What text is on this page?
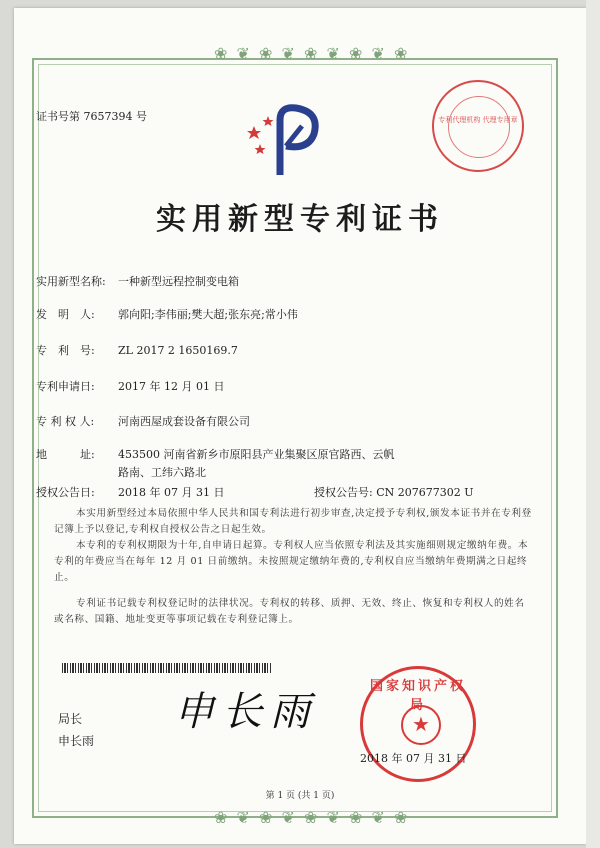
❀ ❦ ❀ ❦ ❀ ❦ ❀ ❦ ❀
❀ ❦ ❀ ❦ ❀ ❦ ❀ ❦ ❀
证书号第 7657394 号	专利代理机构 代理专用章
实用新型专利证书
实用新型名称: 一种新型远程控制变电箱
发　明　人: 郭向阳;李伟丽;樊大超;张东亮;常小伟
专　利　号: ZL 2017 2 1650169.7
专利申请日: 2017 年 12 月 01 日
专 利 权 人: 河南西屋成套设备有限公司
地　　　址: 453500 河南省新乡市原阳县产业集聚区原官路西、云帆
路南、工纬六路北
授权公告日: 2018 年 07 月 31 日	授权公告号: CN 207677302 U

本实用新型经过本局依照中华人民共和国专利法进行初步审查,决定授予专利权,颁发本证书并在专利登记簿上予以登记,专利权自授权公告之日起生效。

本专利的专利权期限为十年,自申请日起算。专利权人应当依照专利法及其实施细则规定缴纳年费。本专利的年费应当在每年 12 月 01 日前缴纳。未按照规定缴纳年费的,专利权自应当缴纳年费期满之日起终止。

专利证书记载专利权登记时的法律状况。专利权的转移、质押、无效、终止、恢复和专利权人的姓名或名称、国籍、地址变更等事项记载在专利登记簿上。

局长
申长雨
申长雨
国家知识产权局
★
2018 年 07 月 31 日
第 1 页 (共 1 页)
